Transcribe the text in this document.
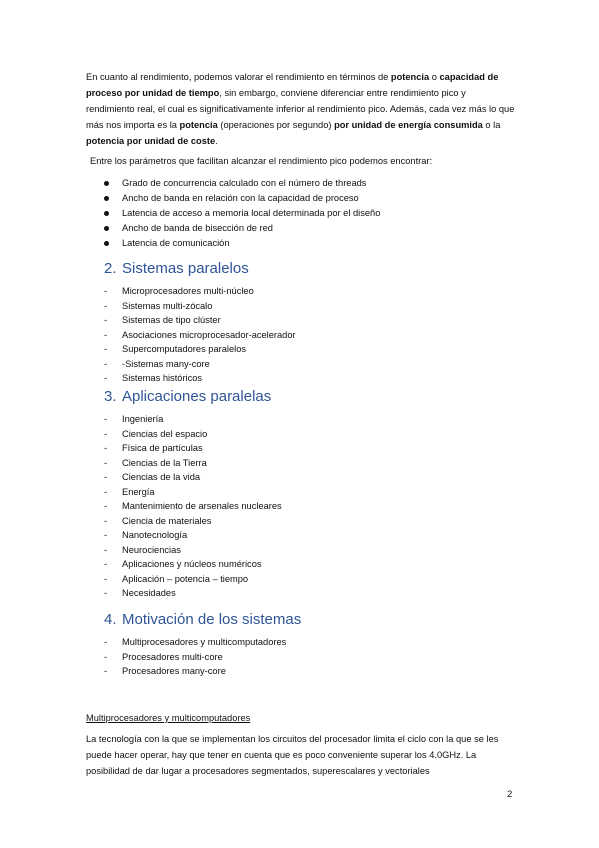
En cuanto al rendimiento, podemos valorar el rendimiento en términos de potencia o capacidad de proceso por unidad de tiempo, sin embargo, conviene diferenciar entre rendimiento pico y rendimiento real, el cual es significativamente inferior al rendimiento pico. Además, cada vez más lo que más nos importa es la potencia (operaciones por segundo) por unidad de energía consumida o la potencia por unidad de coste.

Entre los parámetros que facilitan alcanzar el rendimiento pico podemos encontrar:
Grado de concurrencia calculado con el número de threads
Ancho de banda en relación con la capacidad de proceso
Latencia de acceso a memoria local determinada por el diseño
Ancho de banda de bisección de red
Latencia de comunicación
2. Sistemas paralelos
- Microprocesadores multi-núcleo
- Sistemas multi-zócalo
- Sistemas de tipo clúster
- Asociaciones microprocesador-acelerador
- Supercomputadores paralelos
- -Sistemas many-core
- Sistemas históricos
3. Aplicaciones paralelas
- Ingeniería
- Ciencias del espacio
- Física de partículas
- Ciencias de la Tierra
- Ciencias de la vida
- Energía
- Mantenimiento de arsenales nucleares
- Ciencia de materiales
- Nanotecnología
- Neurociencias
- Aplicaciones y núcleos numéricos
- Aplicación – potencia – tiempo
- Necesidades
4. Motivación de los sistemas
- Multiprocesadores y multicomputadores
- Procesadores multi-core
- Procesadores many-core
Multiprocesadores y multicomputadores

La tecnología con la que se implementan los circuitos del procesador limita el ciclo con la que se les puede hacer operar, hay que tener en cuenta que es poco conveniente superar los 4.0GHz. La posibilidad de dar lugar a procesadores segmentados, superescalares y vectoriales

2
